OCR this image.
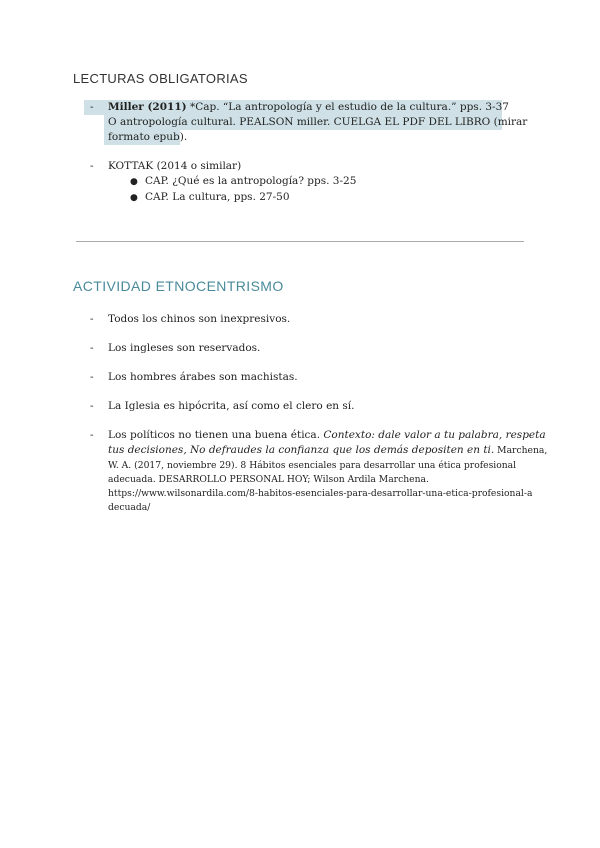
LECTURAS OBLIGATORIAS
- Miller (2011) *Cap. “La antropología y el estudio de la cultura.” pps. 3-37
O antropología cultural. PEALSON miller. CUELGA EL PDF DEL LIBRO (mirar
formato epub).
- KOTTAK (2014 o similar)
● CAP. ¿Qué es la antropología? pps. 3-25
● CAP. La cultura, pps. 27-50
ACTIVIDAD ETNOCENTRISMO
- Todos los chinos son inexpresivos.
- Los ingleses son reservados.
- Los hombres árabes son machistas.
- La Iglesia es hipócrita, así como el clero en sí.
- Los políticos no tienen una buena ética. Contexto: dale valor a tu palabra, respeta
tus decisiones, No defraudes la confianza que los demás depositen en ti. Marchena,
W. A. (2017, noviembre 29). 8 Hábitos esenciales para desarrollar una ética profesional
adecuada. DESARROLLO PERSONAL HOY; Wilson Ardila Marchena.
https://www.wilsonardila.com/8-habitos-esenciales-para-desarrollar-una-etica-profesional-a
decuada/
